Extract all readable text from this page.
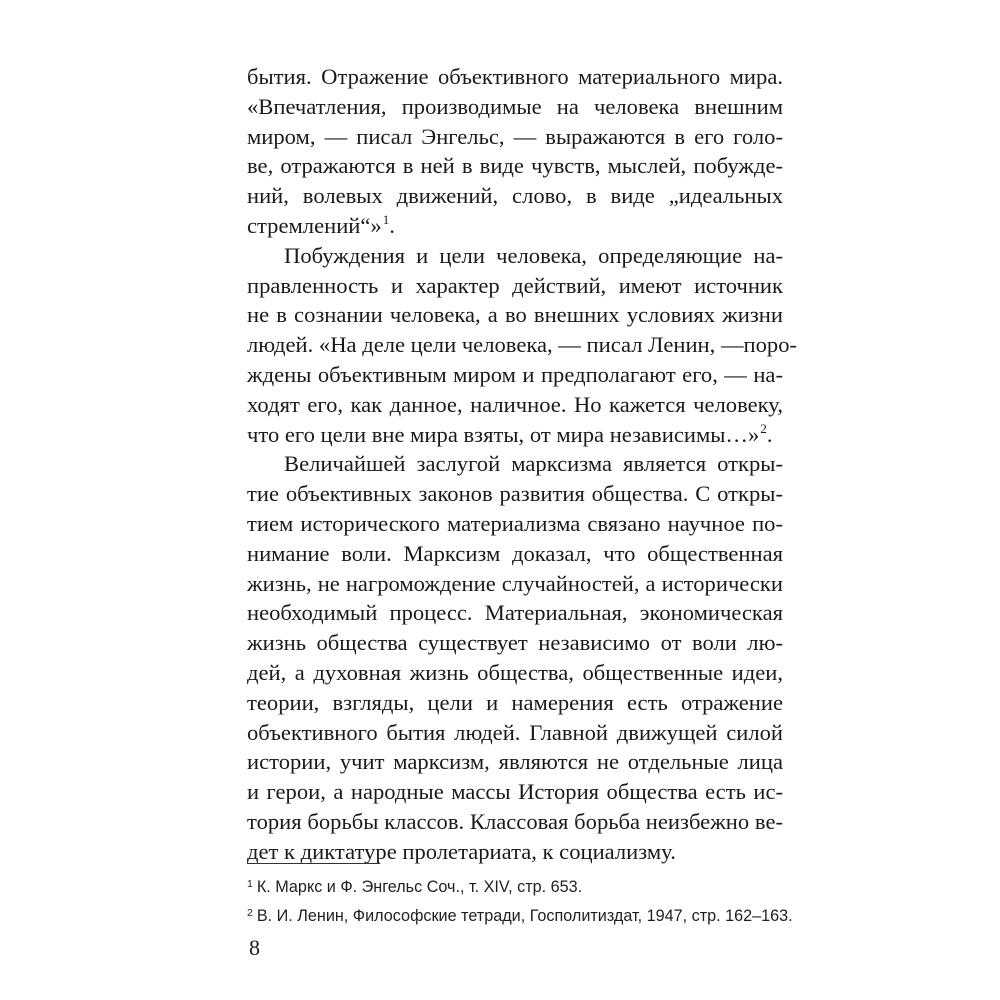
бытия. Отражение объективного материального мира.
«Впечатления, производимые на человека внешним
миром, — писал Энгельс, — выражаются в его голо-
ве, отражаются в ней в виде чувств, мыслей, побужде-
ний, волевых движений, слово, в виде „идеальных
стремлений“»$^1$.
Побуждения и цели человека, определяющие на-
правленность и характер действий, имеют источник
не в сознании человека, а во внешних условиях жизни
людей. «На деле цели человека, — писал Ленин, —поро-
ждены объективным миром и предполагают его, — на-
ходят его, как данное, наличное. Но кажется человеку,
что его цели вне мира взяты, от мира независимы…»$^2$.
Величайшей заслугой марксизма является откры-
тие объективных законов развития общества. С откры-
тием исторического материализма связано научное по-
нимание воли. Марксизм доказал, что общественная
жизнь, не нагромождение случайностей, а исторически
необходимый процесс. Материальная, экономическая
жизнь общества существует независимо от воли лю-
дей, а духовная жизнь общества, общественные идеи,
теории, взгляды, цели и намерения есть отражение
объективного бытия людей. Главной движущей силой
истории, учит марксизм, являются не отдельные лица
и герои, а народные массы История общества есть ис-
тория борьбы классов. Классовая борьба неизбежно ве-
дет к диктатуре пролетариата, к социализму.
$^1$ К. Маркс и Ф. Энгельс Соч., т. XIV, стр. 653.
$^2$ В. И. Ленин, Философские тетради, Госполитиздат, 1947, стр. 162–163.
8
